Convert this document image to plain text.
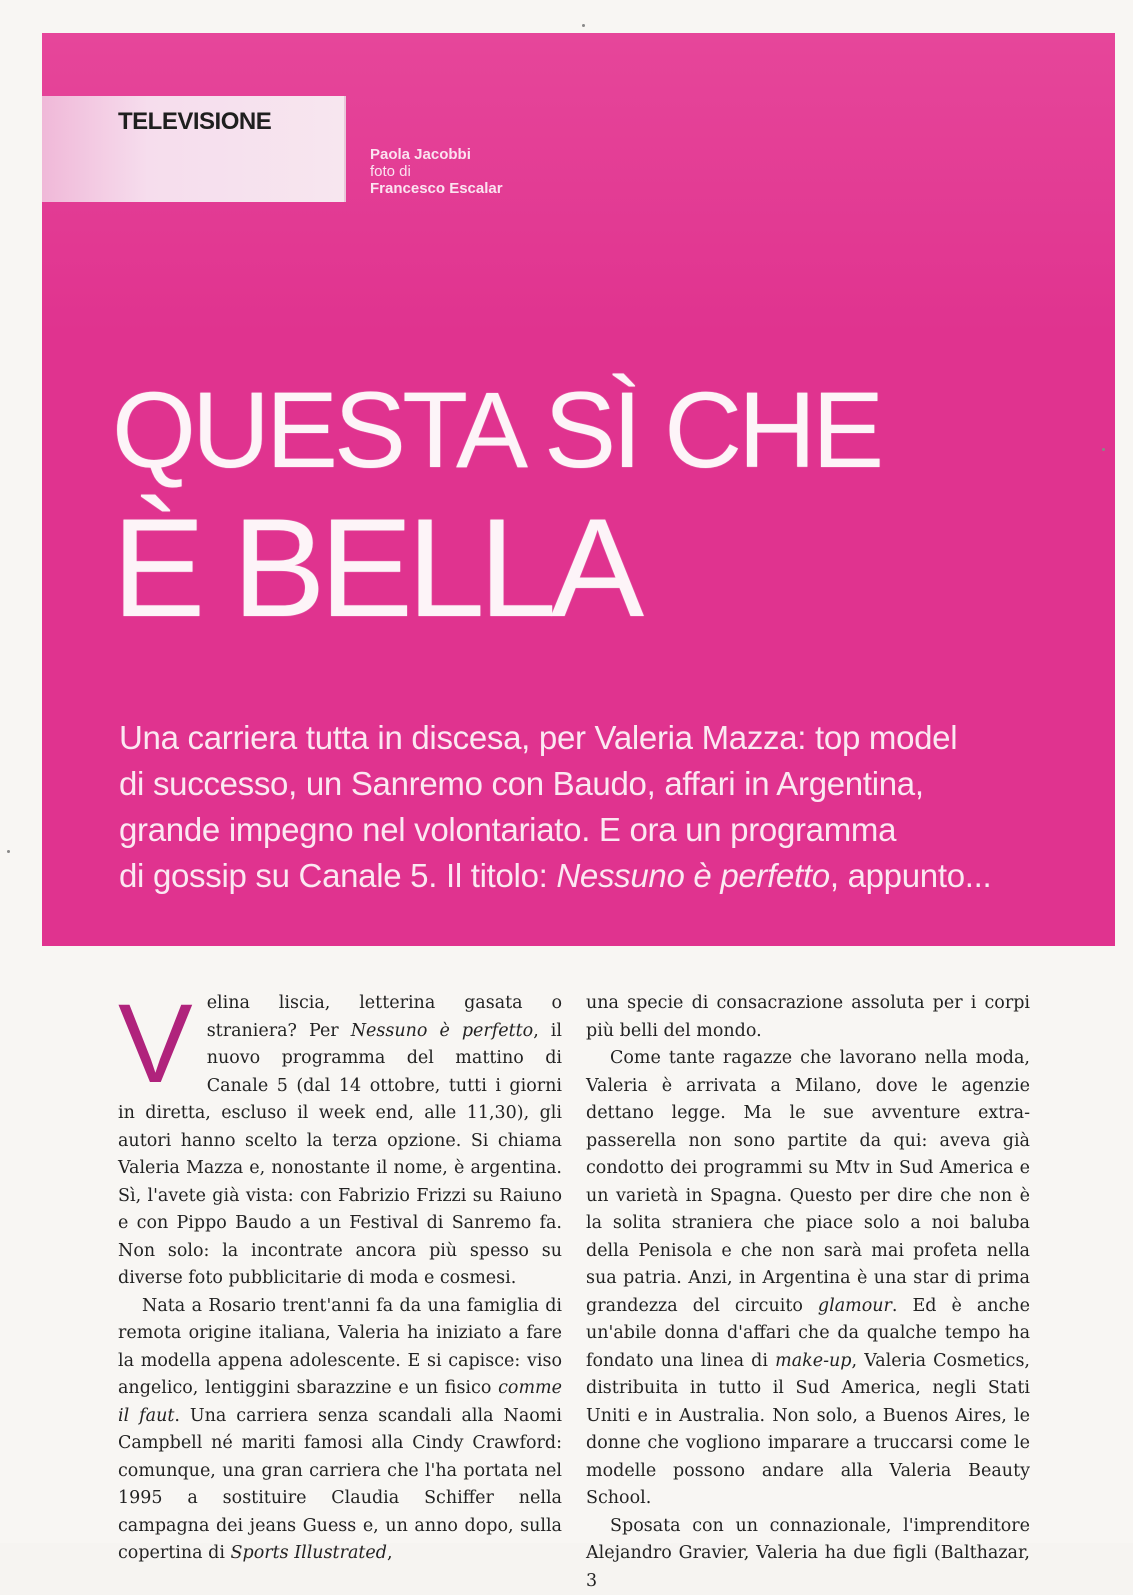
TELEVISIONE
Paola Jacobbi
foto di
Francesco Escalar
QUESTA SÌ CHE
È BELLA
Una carriera tutta in discesa, per Valeria Mazza: top model
di successo, un Sanremo con Baudo, affari in Argentina,
grande impegno nel volontariato. E ora un programma
di gossip su Canale 5. Il titolo: Nessuno è perfetto, appunto...

Velina liscia, letterina gasata o straniera? Per Nessuno è perfetto, il nuovo programma del mattino di Canale 5 (dal 14 ottobre, tutti i giorni in diretta, escluso il week end, alle 11,30), gli autori hanno scelto la terza opzione. Si chiama Valeria Mazza e, nonostante il nome, è argentina. Sì, l'avete già vista: con Fabrizio Frizzi su Raiuno e con Pippo Baudo a un Festival di Sanremo fa. Non solo: la incontrate ancora più spesso su diverse foto pubblicitarie di moda e cosmesi.

Nata a Rosario trent'anni fa da una famiglia di remota origine italiana, Valeria ha iniziato a fare la modella appena adolescente. E si capisce: viso angelico, lentiggini sbarazzine e un fisico comme il faut. Una carriera senza scandali alla Naomi Campbell né mariti famosi alla Cindy Crawford: comunque, una gran carriera che l'ha portata nel 1995 a sostituire Claudia Schiffer nella campagna dei jeans Guess e, un anno dopo, sulla copertina di Sports Illustrated,

una specie di consacrazione assoluta per i corpi più belli del mondo.

Come tante ragazze che lavorano nella moda, Valeria è arrivata a Milano, dove le agenzie dettano legge. Ma le sue avventure extra-passerella non sono partite da qui: aveva già condotto dei programmi su Mtv in Sud America e un varietà in Spagna. Questo per dire che non è la solita straniera che piace solo a noi baluba della Penisola e che non sarà mai profeta nella sua patria. Anzi, in Argentina è una star di prima grandezza del circuito glamour. Ed è anche un'abile donna d'affari che da qualche tempo ha fondato una linea di make-up, Valeria Cosmetics, distribuita in tutto il Sud America, negli Stati Uniti e in Australia. Non solo, a Buenos Aires, le donne che vogliono imparare a truccarsi come le modelle possono andare alla Valeria Beauty School.

Sposata con un connazionale, l'imprenditore Alejandro Gravier, Valeria ha due figli (Balthazar, 3
